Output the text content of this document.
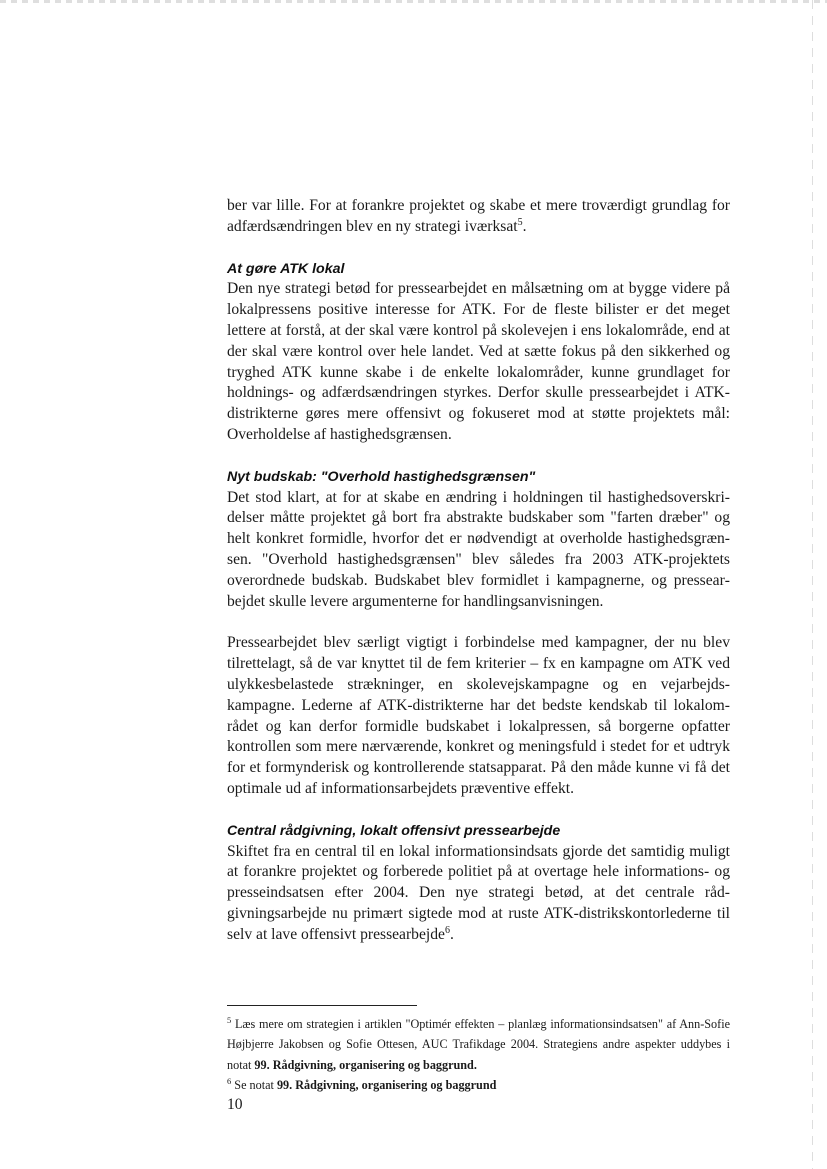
ber var lille. For at forankre projektet og skabe et mere troværdigt grundlag for adfærdsændringen blev en ny strategi iværksat$^5$.

At gøre ATK lokal

Den nye strategi betød for pressearbejdet en målsætning om at bygge videre på lokalpressens positive interesse for ATK. For de fleste bilister er det meget lettere at forstå, at der skal være kontrol på skolevejen i ens lokalområde, end at der skal være kontrol over hele landet. Ved at sætte fokus på den sikkerhed og tryghed ATK kunne skabe i de enkelte lokalområder, kunne grundlaget for holdnings- og adfærdsændringen styrkes. Derfor skulle pressearbejdet i ATK-distrikterne gøres mere offensivt og fokuseret mod at støtte projektets mål: Overholdelse af hastighedsgrænsen.

Nyt budskab: "Overhold hastighedsgrænsen"

Det stod klart, at for at skabe en ændring i holdningen til hastighedsoverskridelser måtte projektet gå bort fra abstrakte budskaber som "farten dræber" og helt konkret formidle, hvorfor det er nødvendigt at overholde hastighedsgrænsen. "Overhold hastighedsgrænsen" blev således fra 2003 ATK-projektets overordnede budskab. Budskabet blev formidlet i kampagnerne, og pressearbejdet skulle levere argumenterne for handlingsanvisningen.

Pressearbejdet blev særligt vigtigt i forbindelse med kampagner, der nu blev tilrettelagt, så de var knyttet til de fem kriterier – fx en kampagne om ATK ved ulykkesbelastede strækninger, en skolevejskampagne og en vejarbejdskampagne. Lederne af ATK-distrikterne har det bedste kendskab til lokalområdet og kan derfor formidle budskabet i lokalpressen, så borgerne opfatter kontrollen som mere nærværende, konkret og meningsfuld i stedet for et udtryk for et formynderisk og kontrollerende statsapparat. På den måde kunne vi få det optimale ud af informationsarbejdets præventive effekt.

Central rådgivning, lokalt offensivt pressearbejde

Skiftet fra en central til en lokal informationsindsats gjorde det samtidig muligt at forankre projektet og forberede politiet på at overtage hele informations- og presseindsatsen efter 2004. Den nye strategi betød, at det centrale rådgivningsarbejde nu primært sigtede mod at ruste ATK-distrikskontorlederne til selv at lave offensivt pressearbejde$^6$.

$^5$ Læs mere om strategien i artiklen "Optimér effekten – planlæg informationsindsatsen" af Ann-Sofie Højbjerre Jakobsen og Sofie Ottesen, AUC Trafikdage 2004. Strategiens andre aspekter uddybes i notat 99. Rådgivning, organisering og baggrund.

$^6$ Se notat 99. Rådgivning, organisering og baggrund

10
